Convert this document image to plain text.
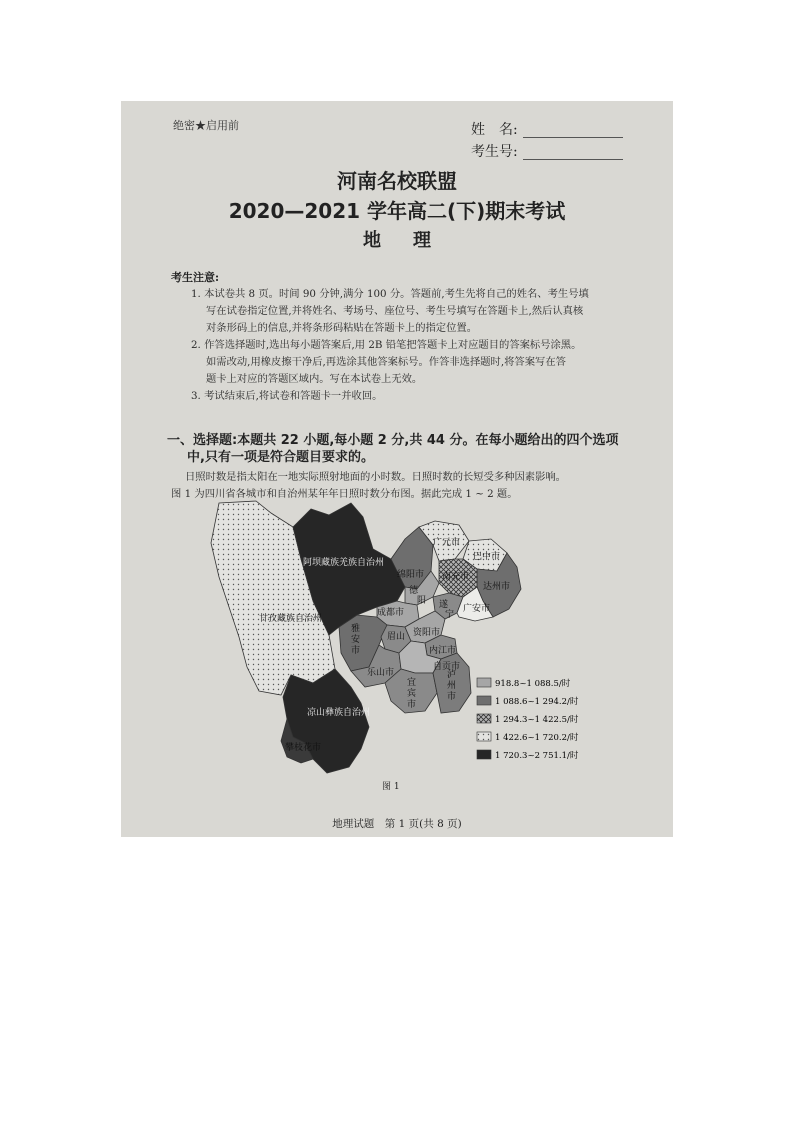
绝密★启用前	姓　名:
考生号:
河南名校联盟
2020—2021 学年高二(下)期末考试
地理
考生注意:
1. 本试卷共 8 页。时间 90 分钟,满分 100 分。答题前,考生先将自己的姓名、考生号填
写在试卷指定位置,并将姓名、考场号、座位号、考生号填写在答题卡上,然后认真核
对条形码上的信息,并将条形码粘贴在答题卡上的指定位置。
2. 作答选择题时,选出每小题答案后,用 2B 铅笔把答题卡上对应题目的答案标号涂黑。
如需改动,用橡皮擦干净后,再选涂其他答案标号。作答非选择题时,将答案写在答
题卡上对应的答题区域内。写在本试卷上无效。
3. 考试结束后,将试卷和答题卡一并收回。
一、选择题:本题共 22 小题,每小题 2 分,共 44 分。在每小题给出的四个选项
中,只有一项是符合题目要求的。
日照时数是指太阳在一地实际照射地面的小时数。日照时数的长短受多种因素影响。
图 1 为四川省各城市和自治州某年年日照时数分布图。据此完成 1 ~ 2 题。
阿坝藏族羌族自治州
甘孜藏族自治州
凉山彝族自治州
攀枝花市
绵阳市
广元市
巴中市
南充市
达州市
德
阳
成都市
遂
宁
广安市
雅
安
市
眉 山 资阳市
乐山市
内江市
自贡市
宜
宾
市
泸
州
市
918.8~1 088.5/时
1 088.6~1 294.2/时
1 294.3~1 422.5/时
1 422.6~1 720.2/时
1 720.3~2 751.1/时
图 1
地理试题　第 1 页(共 8 页)
